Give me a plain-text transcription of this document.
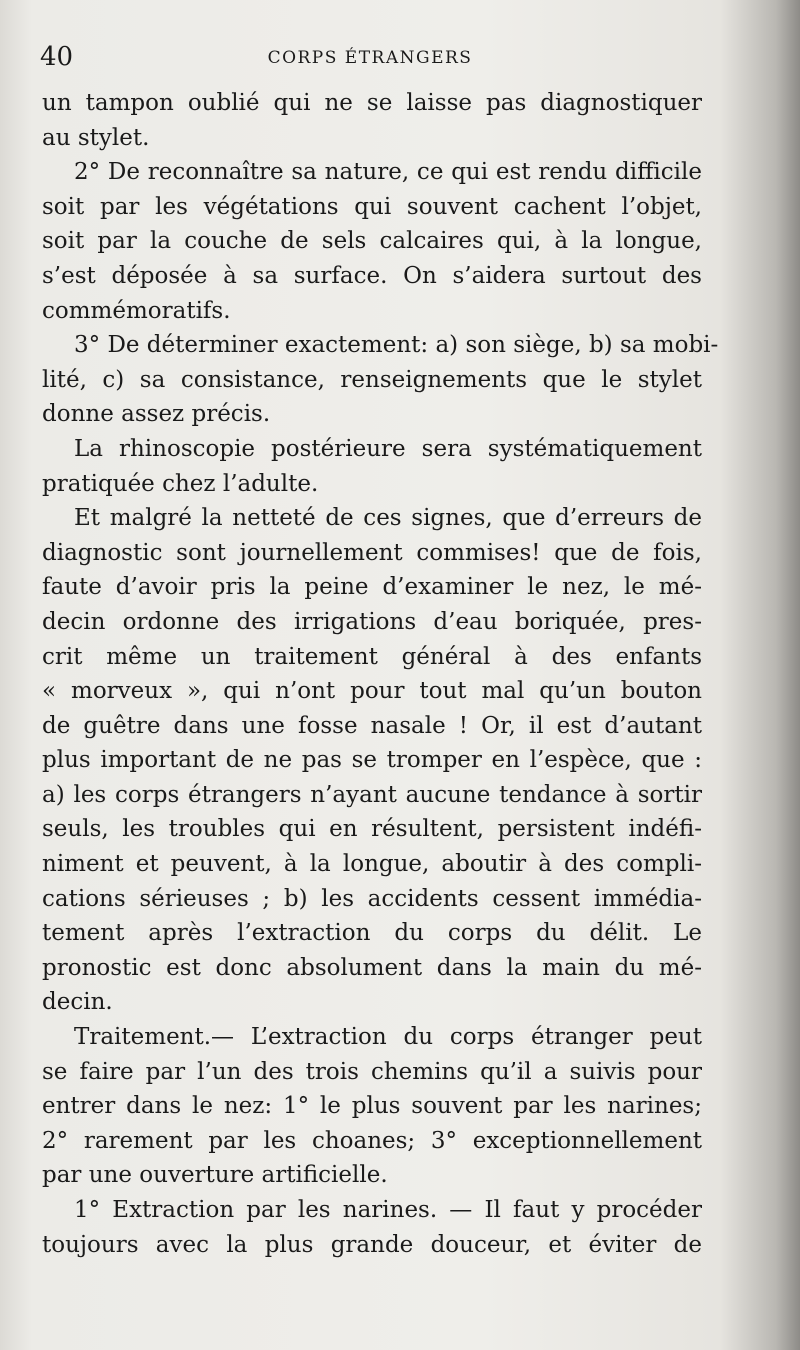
40	CORPS ÉTRANGERS
un tampon oublié qui ne se laisse pas diagnostiquer
au stylet.
2° De reconnaître sa nature, ce qui est rendu difficile
soit par les végétations qui souvent cachent l’objet,
soit par la couche de sels calcaires qui, à la longue,
s’est déposée à sa surface. On s’aidera surtout des
commémoratifs.
3° De déterminer exactement: a) son siège, b) sa mobi-
lité, c) sa consistance, renseignements que le stylet
donne assez précis.
La rhinoscopie postérieure sera systématiquement
pratiquée chez l’adulte.
Et malgré la netteté de ces signes, que d’erreurs de
diagnostic sont journellement commises! que de fois,
faute d’avoir pris la peine d’examiner le nez, le mé-
decin ordonne des irrigations d’eau boriquée, pres-
crit même un traitement général à des enfants
« morveux », qui n’ont pour tout mal qu’un bouton
de guêtre dans une fosse nasale ! Or, il est d’autant
plus important de ne pas se tromper en l’espèce, que :
a) les corps étrangers n’ayant aucune tendance à sortir
seuls, les troubles qui en résultent, persistent indéfi-
niment et peuvent, à la longue, aboutir à des compli-
cations sérieuses ; b) les accidents cessent immédia-
tement après l’extraction du corps du délit. Le
pronostic est donc absolument dans la main du mé-
decin.
Traitement.— L’extraction du corps étranger peut
se faire par l’un des trois chemins qu’il a suivis pour
entrer dans le nez: 1° le plus souvent par les narines;
2° rarement par les choanes; 3° exceptionnellement
par une ouverture artificielle.
1° Extraction par les narines. — Il faut y procéder
toujours avec la plus grande douceur, et éviter de
